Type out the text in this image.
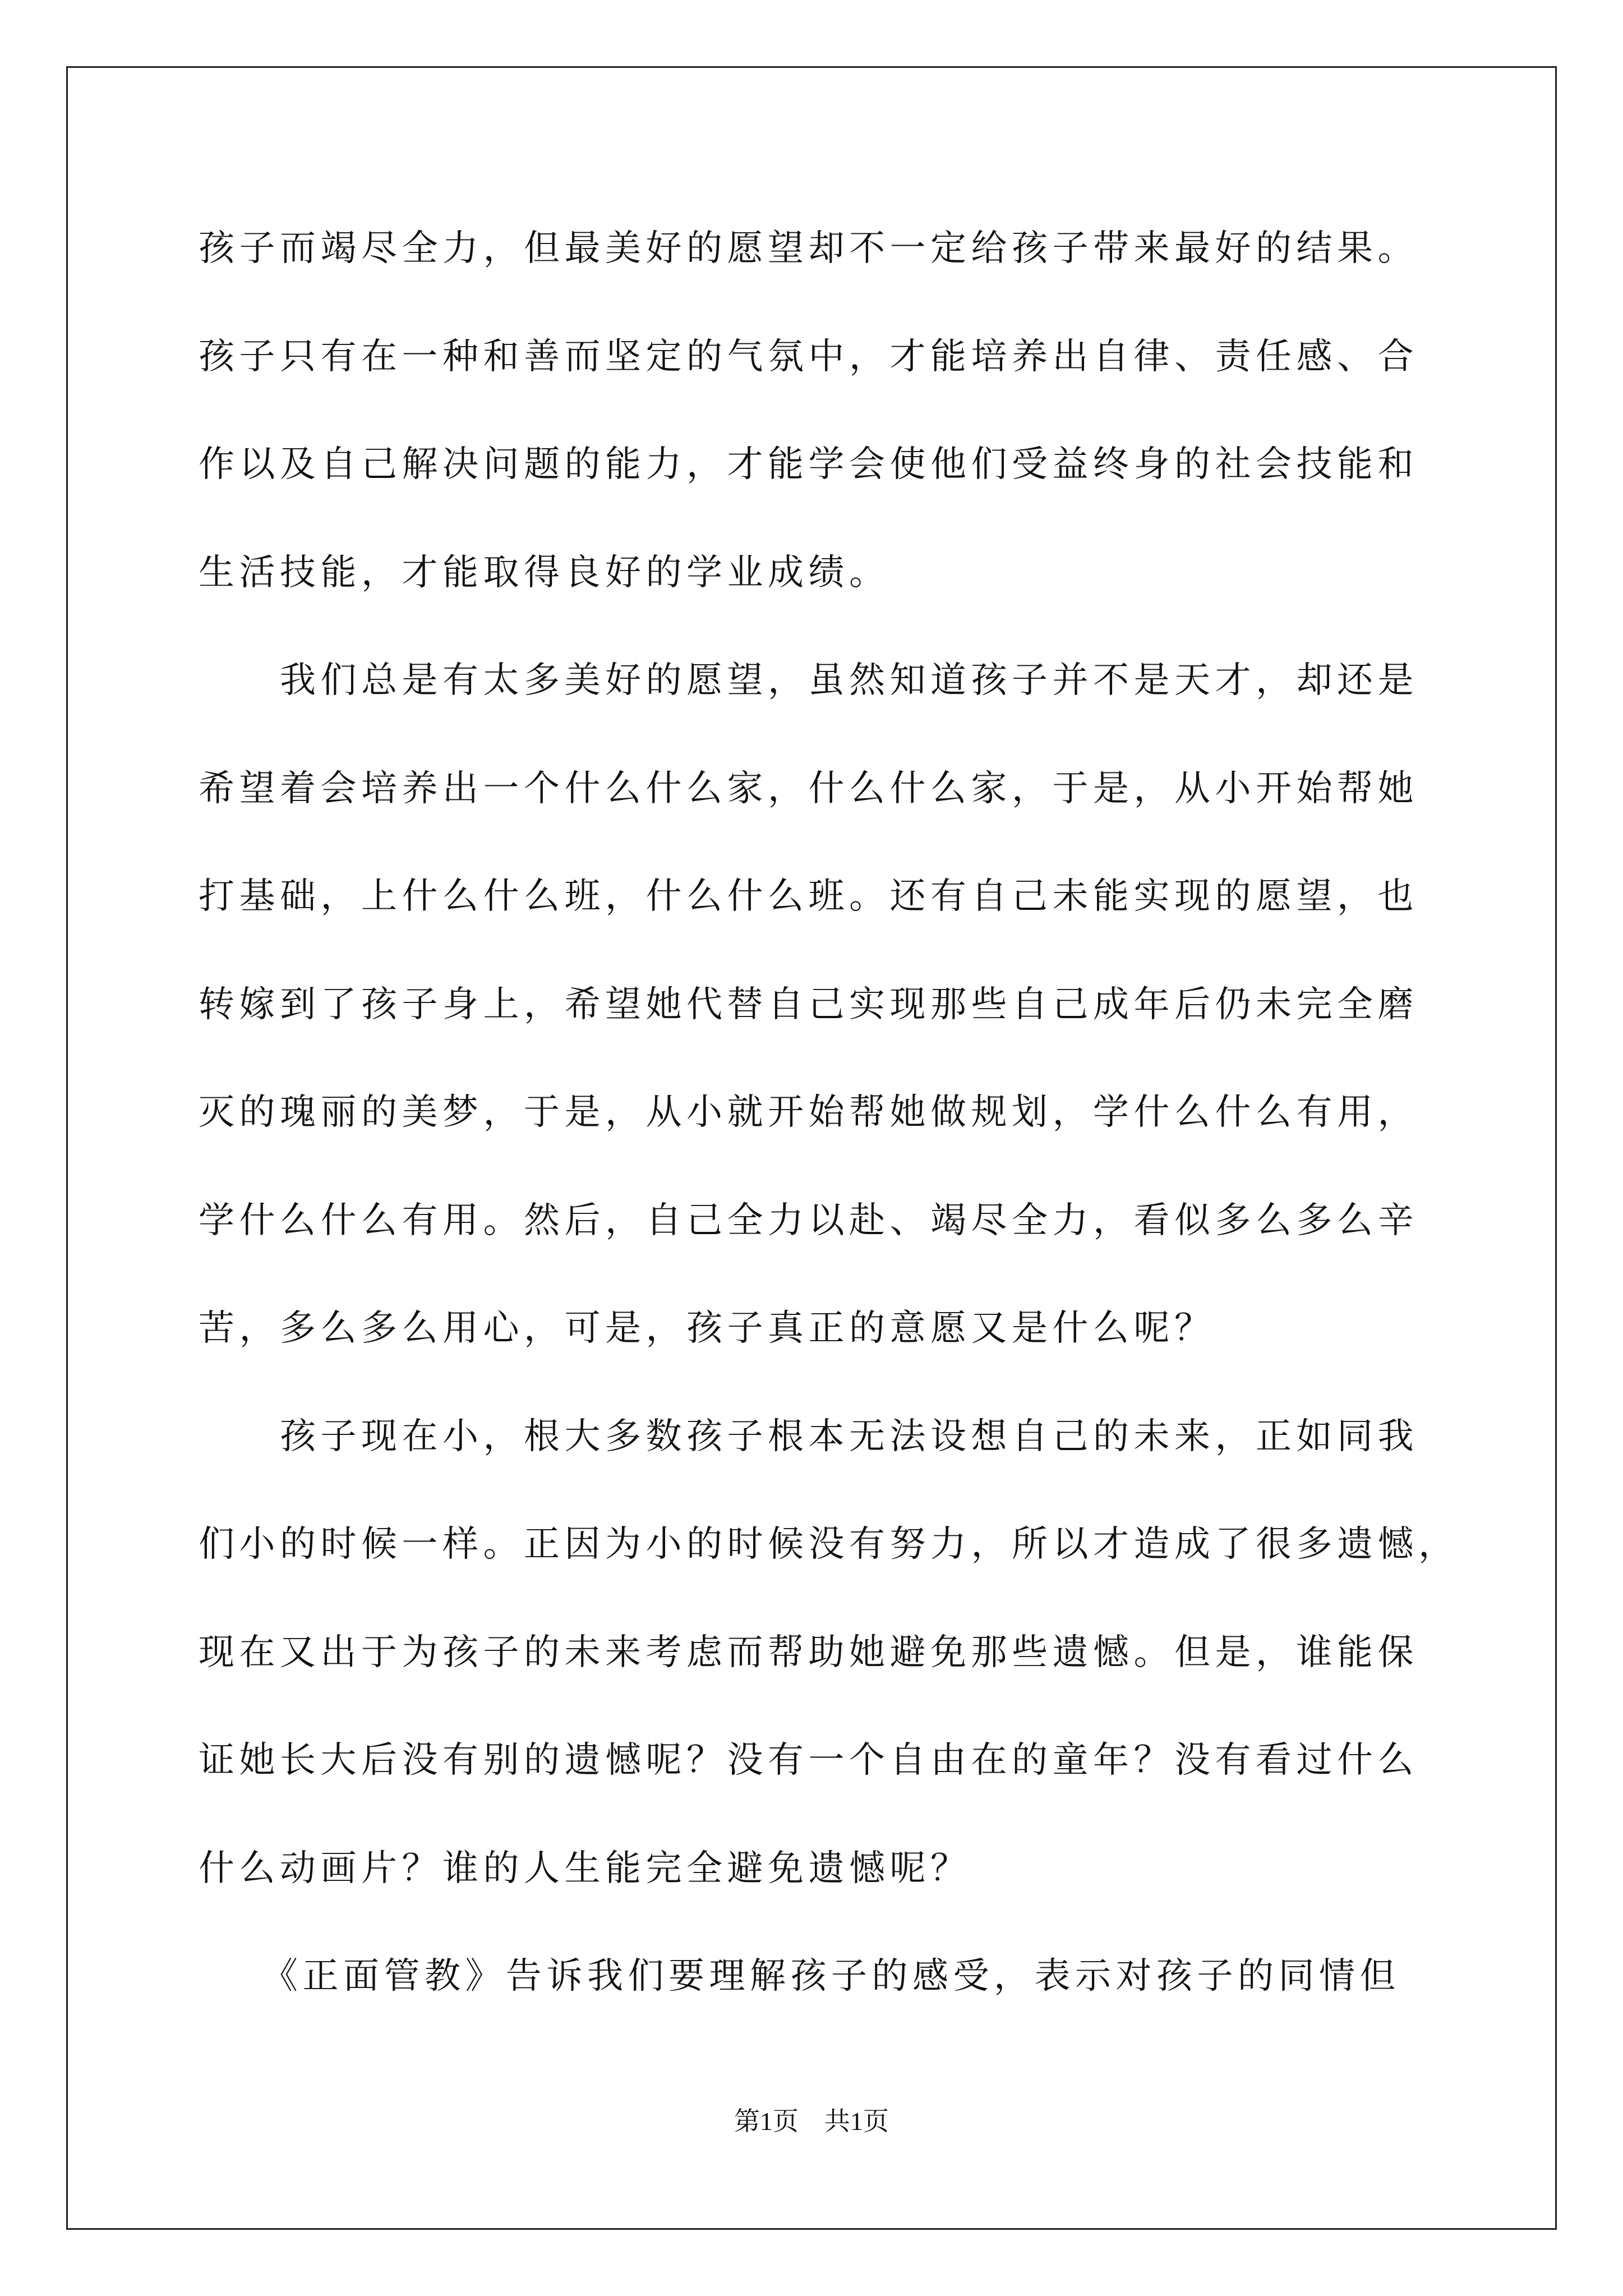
孩子而竭尽全力，但最美好的愿望却不一定给孩子带来最好的结果。
孩子只有在一种和善而坚定的气氛中，才能培养出自律、责任感、合
作以及自己解决问题的能力，才能学会使他们受益终身的社会技能和
生活技能，才能取得良好的学业成绩。
　　我们总是有太多美好的愿望，虽然知道孩子并不是天才，却还是
希望着会培养出一个什么什么家，什么什么家，于是，从小开始帮她
打基础，上什么什么班，什么什么班。还有自己未能实现的愿望，也
转嫁到了孩子身上，希望她代替自己实现那些自己成年后仍未完全磨
灭的瑰丽的美梦，于是，从小就开始帮她做规划，学什么什么有用，
学什么什么有用。然后，自己全力以赴、竭尽全力，看似多么多么辛
苦，多么多么用心，可是，孩子真正的意愿又是什么呢？
　　孩子现在小，根大多数孩子根本无法设想自己的未来，正如同我
们小的时候一样。正因为小的时候没有努力，所以才造成了很多遗憾，
现在又出于为孩子的未来考虑而帮助她避免那些遗憾。但是，谁能保
证她长大后没有别的遗憾呢？没有一个自由在的童年？没有看过什么
什么动画片？谁的人生能完全避免遗憾呢？
　　《正面管教》告诉我们要理解孩子的感受，表示对孩子的同情但
第1页　共1页
